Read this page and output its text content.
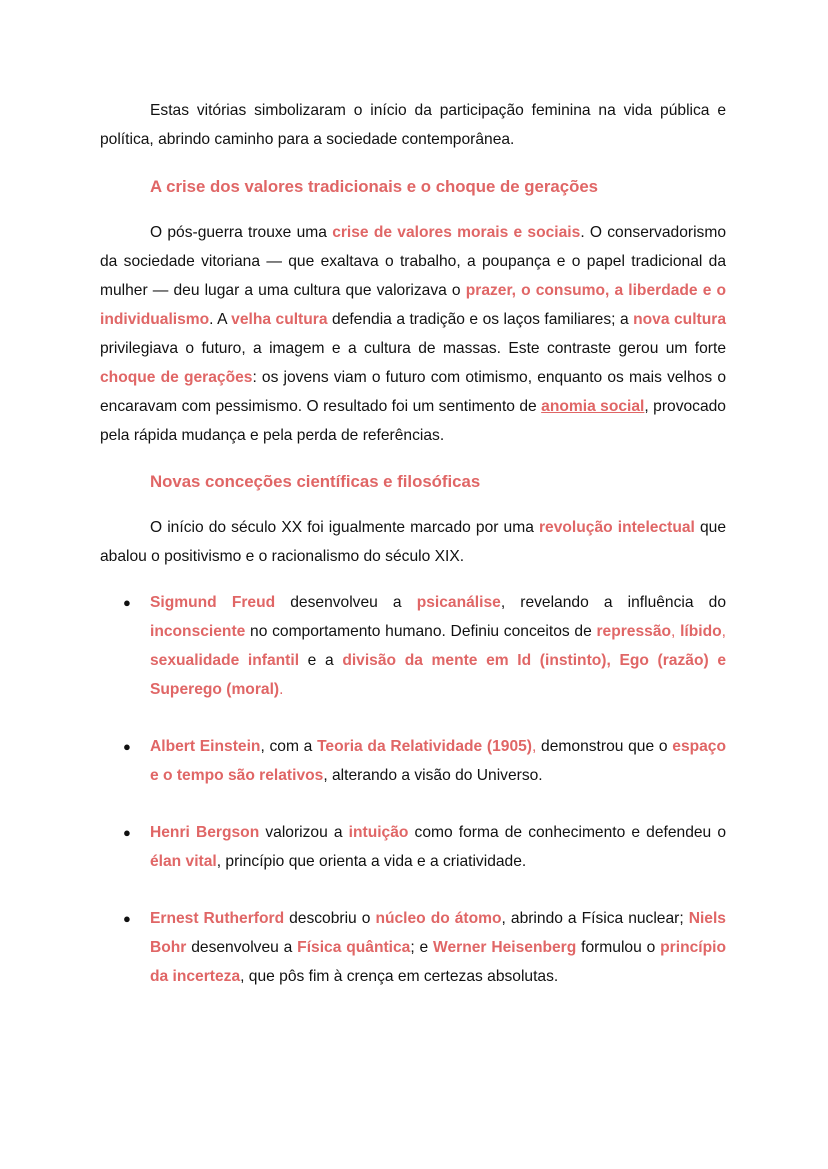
Estas vitórias simbolizaram o início da participação feminina na vida pública e política, abrindo caminho para a sociedade contemporânea.

A crise dos valores tradicionais e o choque de gerações

O pós-guerra trouxe uma crise de valores morais e sociais. O conservadorismo da sociedade vitoriana — que exaltava o trabalho, a poupança e o papel tradicional da mulher — deu lugar a uma cultura que valorizava o prazer, o consumo, a liberdade e o individualismo. A velha cultura defendia a tradição e os laços familiares; a nova cultura privilegiava o futuro, a imagem e a cultura de massas. Este contraste gerou um forte choque de gerações: os jovens viam o futuro com otimismo, enquanto os mais velhos o encaravam com pessimismo. O resultado foi um sentimento de anomia social, provocado pela rápida mudança e pela perda de referências.

Novas conceções científicas e filosóficas

O início do século XX foi igualmente marcado por uma revolução intelectual que abalou o positivismo e o racionalismo do século XIX.

● Sigmund Freud desenvolveu a psicanálise, revelando a influência do inconsciente no comportamento humano. Definiu conceitos de repressão, líbido, sexualidade infantil e a divisão da mente em Id (instinto), Ego (razão) e Superego (moral).
● Albert Einstein, com a Teoria da Relatividade (1905), demonstrou que o espaço e o tempo são relativos, alterando a visão do Universo.
● Henri Bergson valorizou a intuição como forma de conhecimento e defendeu o élan vital, princípio que orienta a vida e a criatividade.
● Ernest Rutherford descobriu o núcleo do átomo, abrindo a Física nuclear; Niels Bohr desenvolveu a Física quântica; e Werner Heisenberg formulou o princípio da incerteza, que pôs fim à crença em certezas absolutas.
